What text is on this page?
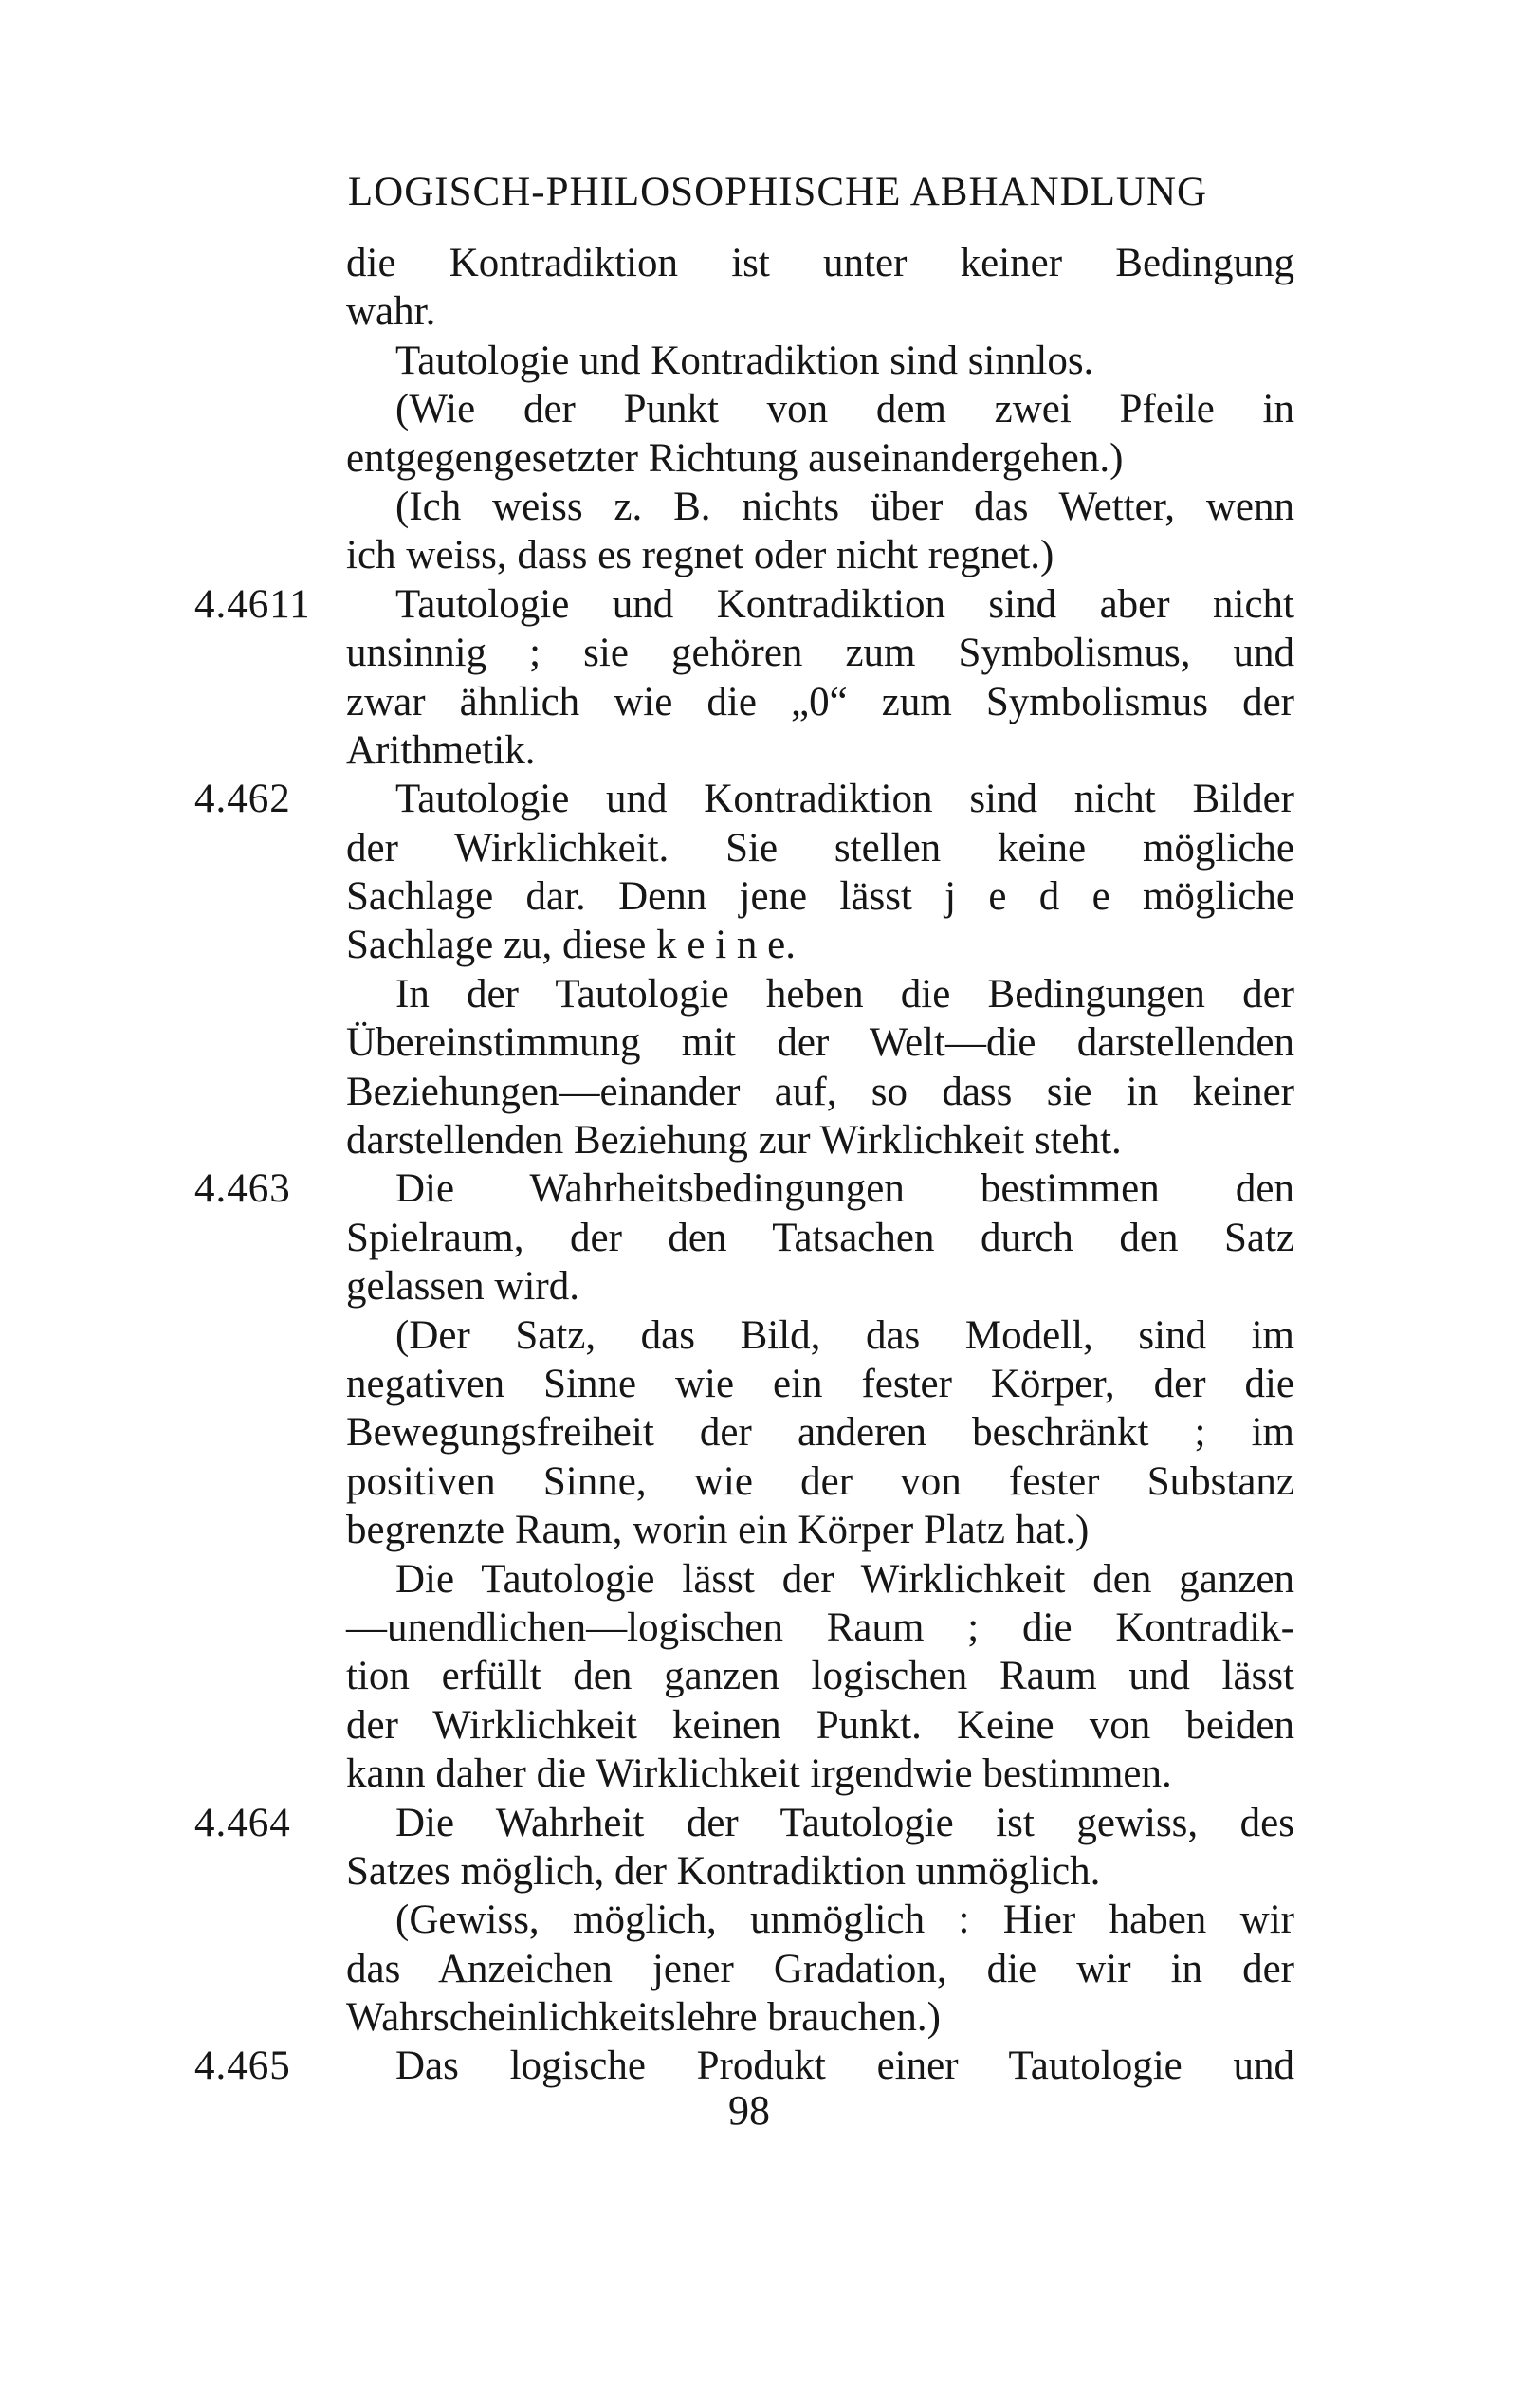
LOGISCH-PHILOSOPHISCHE ABHANDLUNG
die Kontradiktion ist unter keiner Bedingung
wahr.
Tautologie und Kontradiktion sind sinnlos.
(Wie der Punkt von dem zwei Pfeile in
entgegengesetzter Richtung auseinandergehen.)
(Ich weiss z. B. nichts über das Wetter, wenn
ich weiss, dass es regnet oder nicht regnet.)
4.4611 Tautologie und Kontradiktion sind aber nicht
unsinnig ; sie gehören zum Symbolismus, und
zwar ähnlich wie die „0“ zum Symbolismus der
Arithmetik.
4.462	Tautologie und Kontradiktion sind nicht Bilder
der Wirklichkeit. Sie stellen keine mögliche
Sachlage dar. Denn jene lässt j e d e mögliche
Sachlage zu, diese k e i n e.
In der Tautologie heben die Bedingungen der
Übereinstimmung mit der Welt—die darstellenden
Beziehungen—einander auf, so dass sie in keiner
darstellenden Beziehung zur Wirklichkeit steht.
4.463	Die Wahrheitsbedingungen bestimmen den
Spielraum, der den Tatsachen durch den Satz
gelassen wird.
(Der Satz, das Bild, das Modell, sind im
negativen Sinne wie ein fester Körper, der die
Bewegungsfreiheit der anderen beschränkt ; im
positiven Sinne, wie der von fester Substanz
begrenzte Raum, worin ein Körper Platz hat.)
Die Tautologie lässt der Wirklichkeit den ganzen
—unendlichen—logischen Raum ; die Kontradik-
tion erfüllt den ganzen logischen Raum und lässt
der Wirklichkeit keinen Punkt. Keine von beiden
kann daher die Wirklichkeit irgendwie bestimmen.
4.464	Die Wahrheit der Tautologie ist gewiss, des
Satzes möglich, der Kontradiktion unmöglich.
(Gewiss, möglich, unmöglich : Hier haben wir
das Anzeichen jener Gradation, die wir in der
Wahrscheinlichkeitslehre brauchen.)
4.465	Das logische Produkt einer Tautologie und
98
